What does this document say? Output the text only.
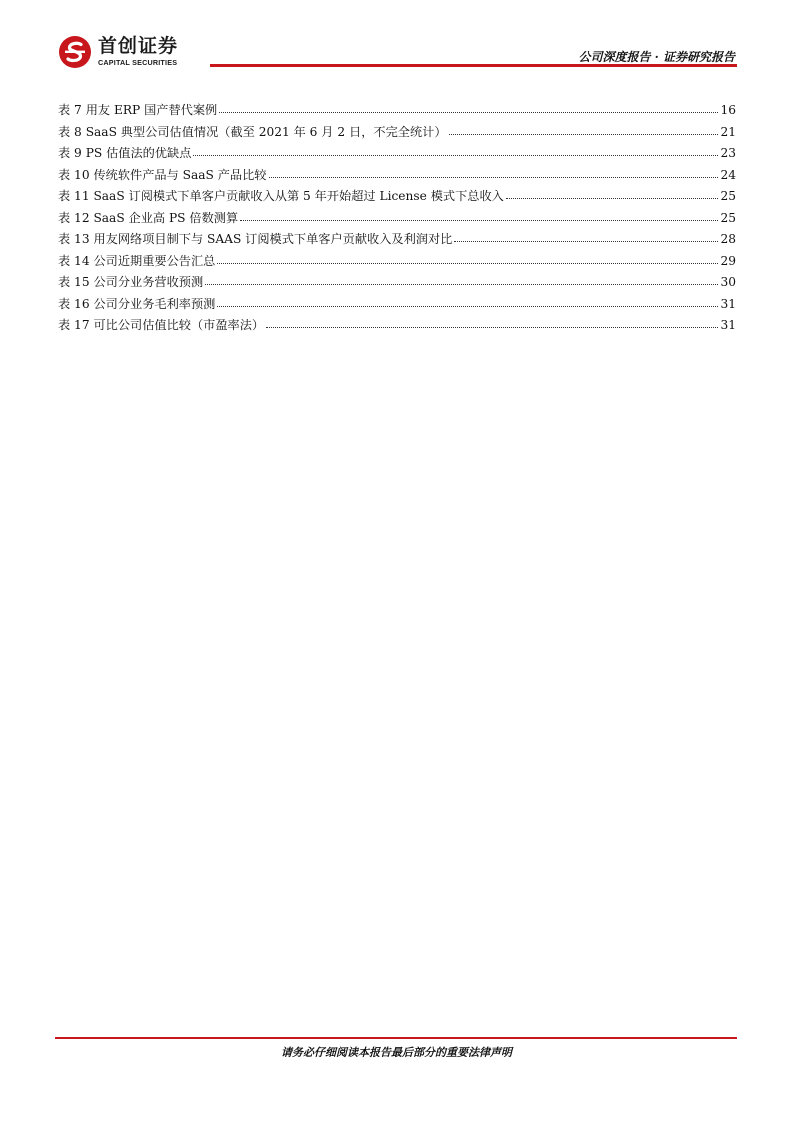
首创证券
CAPITAL SECURITIES	公司深度报告 · 证券研究报告
表 7 用友 ERP 国产替代案例	16
表 8 SaaS 典型公司估值情况（截至 2021 年 6 月 2 日，不完全统计）	21
表 9 PS 估值法的优缺点	23
表 10 传统软件产品与 SaaS 产品比较	24
表 11 SaaS 订阅模式下单客户贡献收入从第 5 年开始超过 License 模式下总收入	25
表 12 SaaS 企业高 PS 倍数测算	25
表 13 用友网络项目制下与 SAAS 订阅模式下单客户贡献收入及利润对比	28
表 14 公司近期重要公告汇总	29
表 15 公司分业务营收预测	30
表 16 公司分业务毛利率预测	31
表 17 可比公司估值比较（市盈率法）	31
请务必仔细阅读本报告最后部分的重要法律声明
